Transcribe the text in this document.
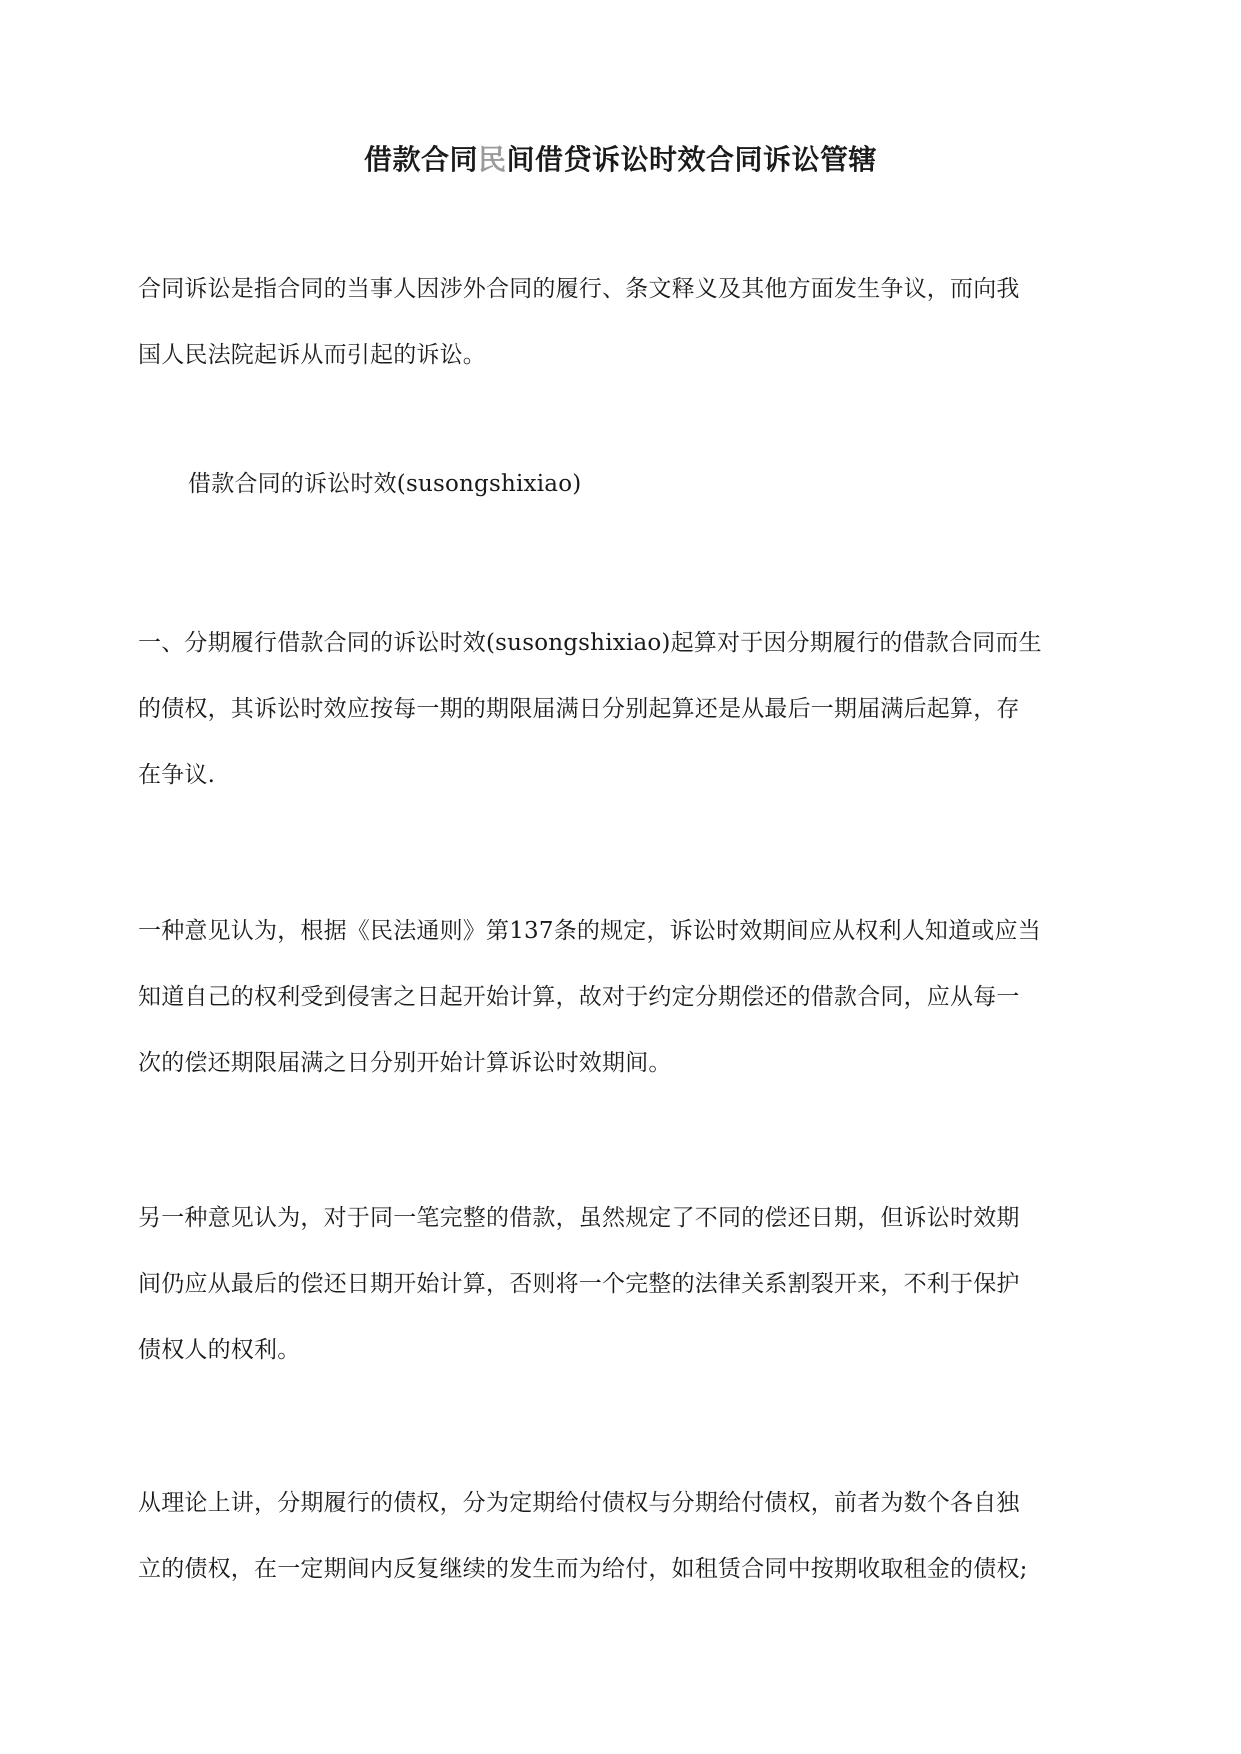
借款合同民间借贷诉讼时效合同诉讼管辖
合同诉讼是指合同的当事人因涉外合同的履行、条文释义及其他方面发生争议，而向我
国人民法院起诉从而引起的诉讼。
借款合同的诉讼时效(susongshixiao)
一、分期履行借款合同的诉讼时效(susongshixiao)起算对于因分期履行的借款合同而生
的债权，其诉讼时效应按每一期的期限届满日分别起算还是从最后一期届满后起算，存
在争议.
一种意见认为，根据《民法通则》第137条的规定，诉讼时效期间应从权利人知道或应当
知道自己的权利受到侵害之日起开始计算，故对于约定分期偿还的借款合同，应从每一
次的偿还期限届满之日分别开始计算诉讼时效期间。
另一种意见认为，对于同一笔完整的借款，虽然规定了不同的偿还日期，但诉讼时效期
间仍应从最后的偿还日期开始计算，否则将一个完整的法律关系割裂开来，不利于保护
债权人的权利。
从理论上讲，分期履行的债权，分为定期给付债权与分期给付债权，前者为数个各自独
立的债权，在一定期间内反复继续的发生而为给付，如租赁合同中按期收取租金的债权;
